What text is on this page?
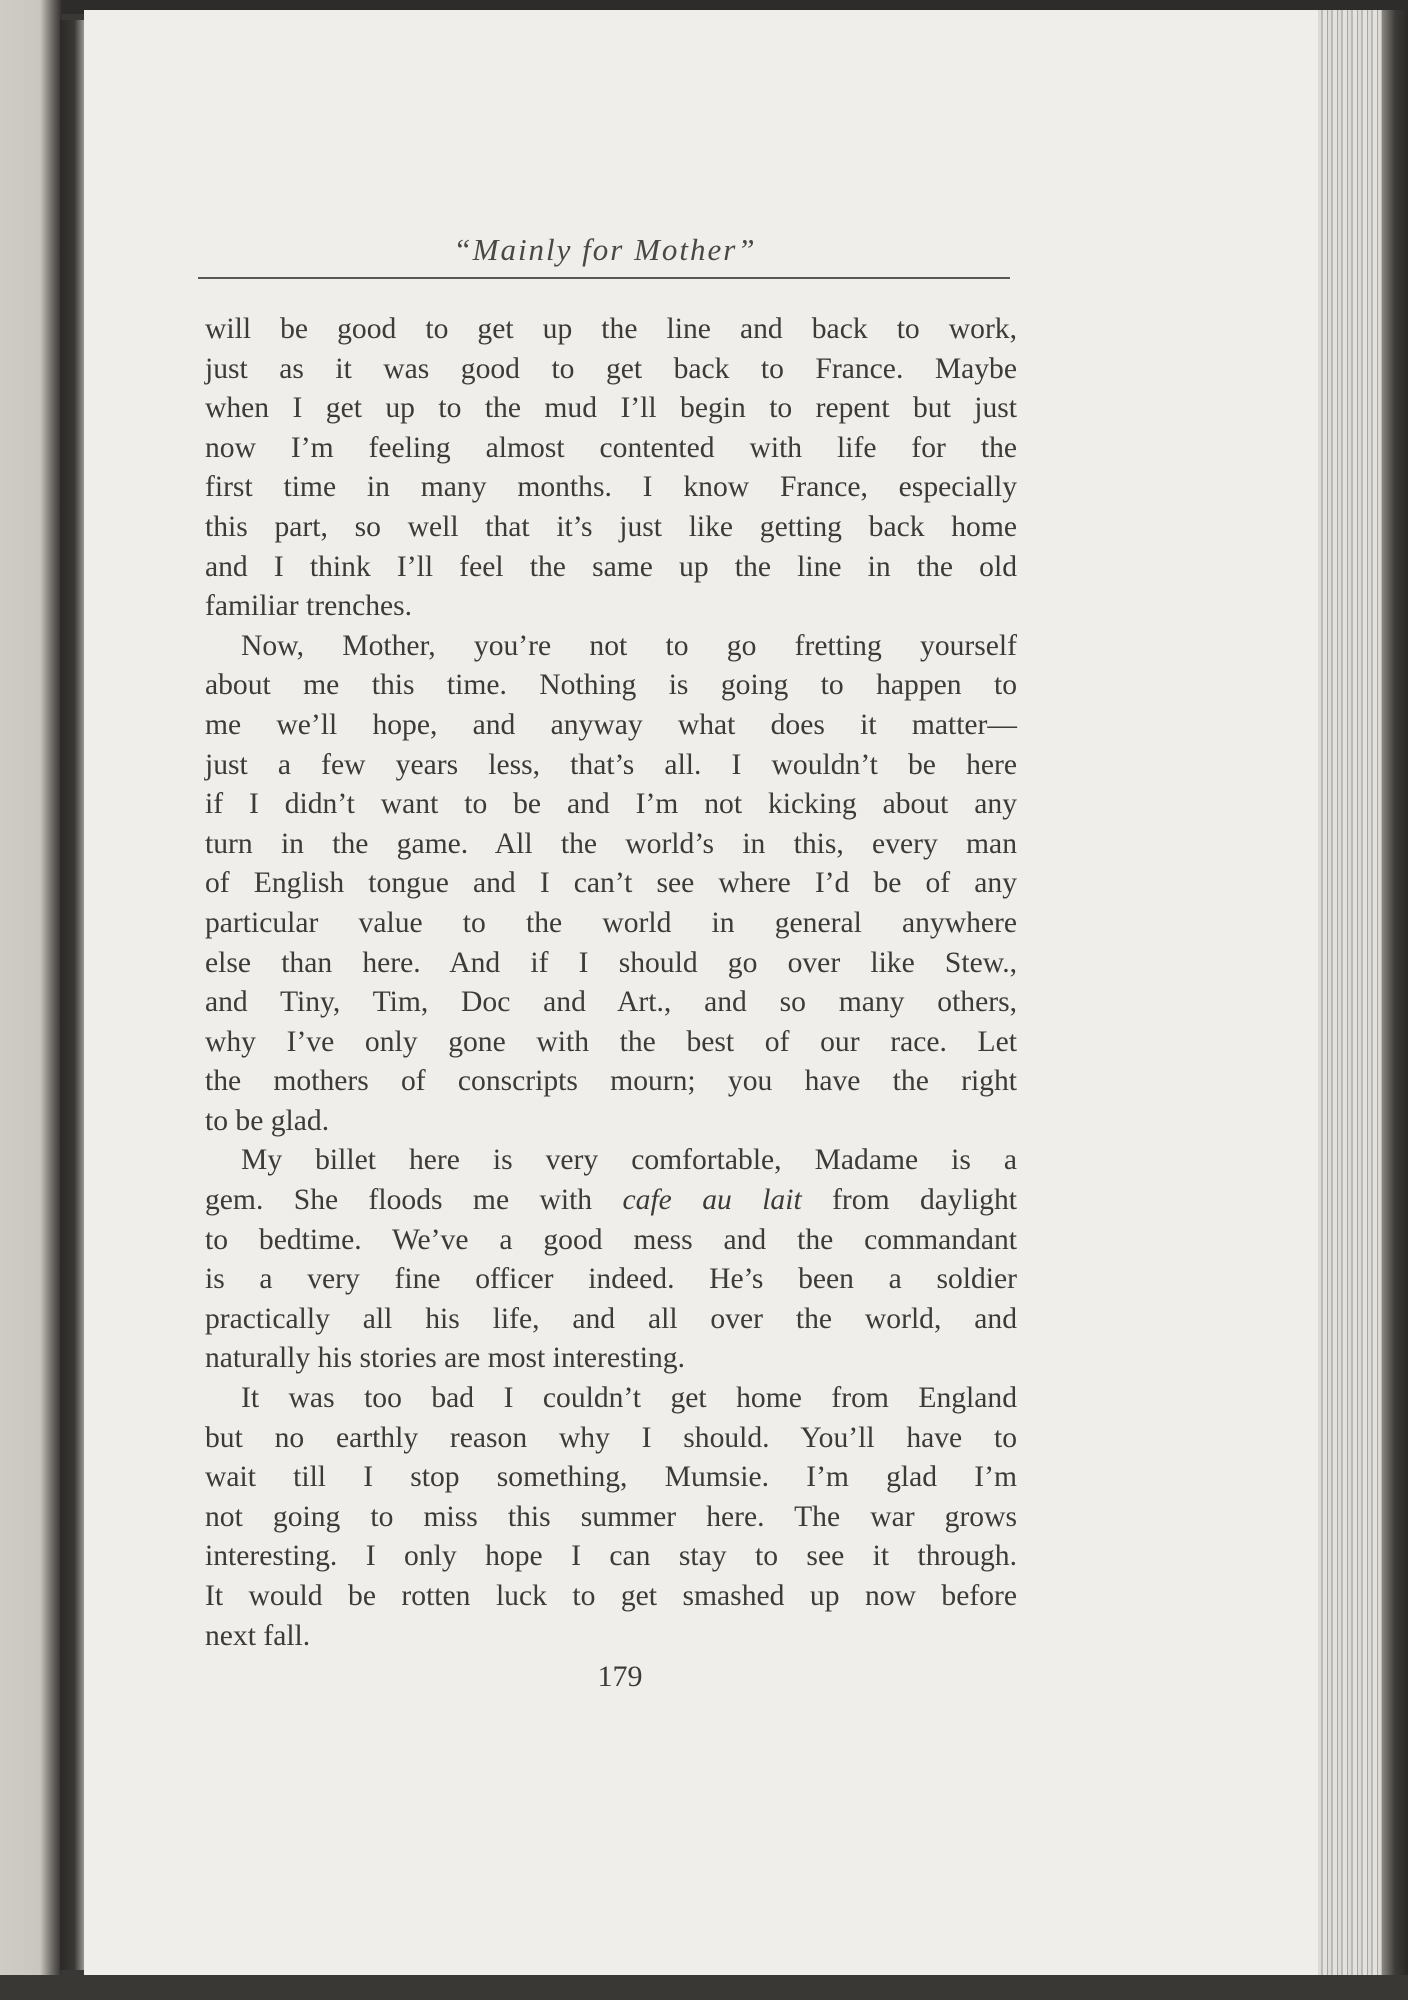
“Mainly for Mother”
will be good to get up the line and back to work,
just as it was good to get back to France. Maybe
when I get up to the mud I’ll begin to repent but just
now I’m feeling almost contented with life for the
first time in many months. I know France, especially
this part, so well that it’s just like getting back home
and I think I’ll feel the same up the line in the old
familiar trenches.
Now, Mother, you’re not to go fretting yourself
about me this time. Nothing is going to happen to
me we’ll hope, and anyway what does it matter—
just a few years less, that’s all. I wouldn’t be here
if I didn’t want to be and I’m not kicking about any
turn in the game. All the world’s in this, every man
of English tongue and I can’t see where I’d be of any
particular value to the world in general anywhere
else than here. And if I should go over like Stew.,
and Tiny, Tim, Doc and Art., and so many others,
why I’ve only gone with the best of our race. Let
the mothers of conscripts mourn; you have the right
to be glad.
My billet here is very comfortable, Madame is a
gem. She floods me with cafe au lait from daylight
to bedtime. We’ve a good mess and the commandant
is a very fine officer indeed. He’s been a soldier
practically all his life, and all over the world, and
naturally his stories are most interesting.
It was too bad I couldn’t get home from England
but no earthly reason why I should. You’ll have to
wait till I stop something, Mumsie. I’m glad I’m
not going to miss this summer here. The war grows
interesting. I only hope I can stay to see it through.
It would be rotten luck to get smashed up now before
next fall.
179
